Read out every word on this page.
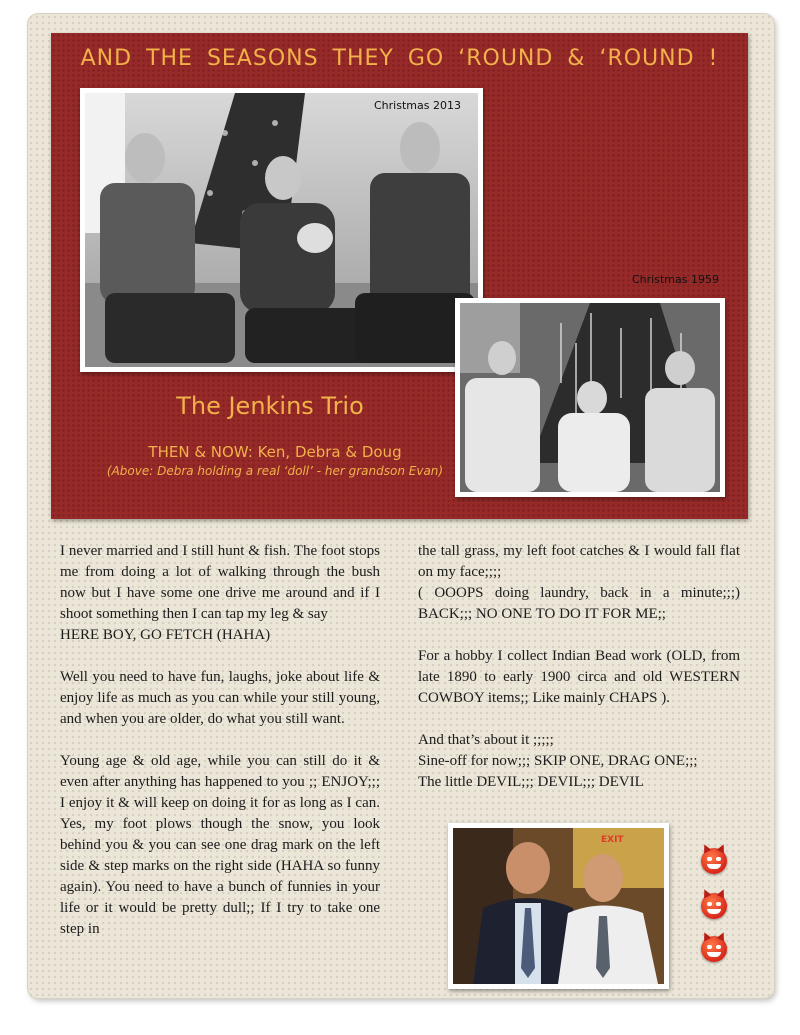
AND THE SEASONS THEY GO ‘ROUND & ‘ROUND !
Christmas 2013
Christmas 1959
The Jenkins Trio
THEN & NOW: Ken, Debra & Doug
(Above: Debra holding a real ‘doll’ - her grandson Evan)

I never married and I still hunt & fish. The foot stops me from doing a lot of walking through the bush now but I have some one drive me around and if I shoot something then I can tap my leg & say

HERE BOY, GO FETCH (HAHA)

Well you need to have fun, laughs, joke about life & enjoy life as much as you can while your still young, and when you are older, do what you still want.

Young age & old age, while you can still do it & even after anything has happened to you ;; ENJOY;;; I enjoy it & will keep on doing it for as long as I can. Yes, my foot plows though the snow, you look behind you & you can see one drag mark on the left side & step marks on the right side (HAHA so funny again). You need to have a bunch of funnies in your life or it would be pretty dull;; If I try to take one step in

the tall grass, my left foot catches & I would fall flat on my face;;;;

( OOOPS doing laundry, back in a minute;;;) BACK;;; NO ONE TO DO IT FOR ME;;

For a hobby I collect Indian Bead work (OLD, from late 1890 to early 1900 circa and old WESTERN COWBOY items;; Like mainly CHAPS ).

And that’s about it ;;;;;

Sine-off for now;;; SKIP ONE, DRAG ONE;;;

The little DEVIL;;; DEVIL;;; DEVIL

EXIT
